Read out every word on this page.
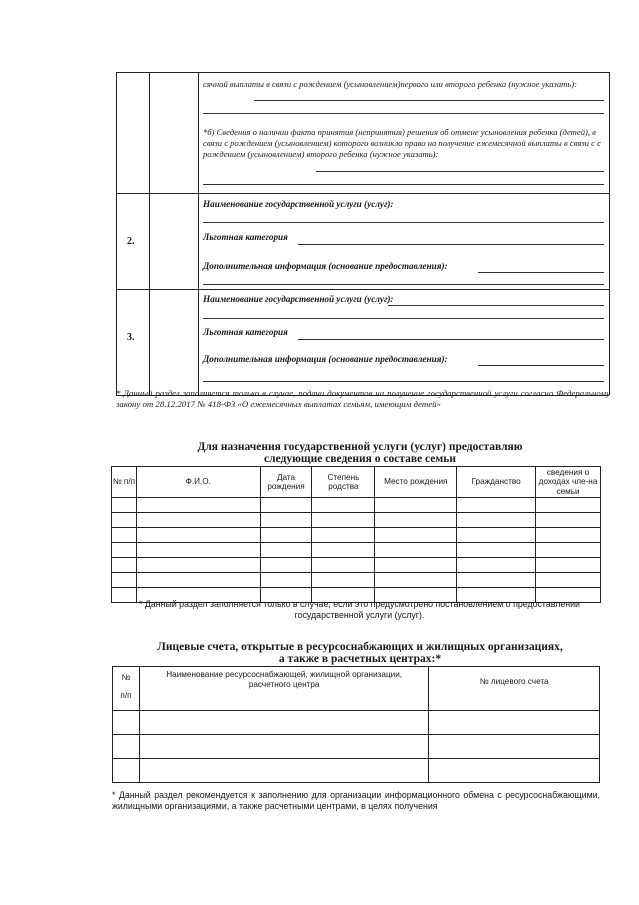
сячной выплаты в связи с рождением (усыновлением)первого или второго ребенка (нужное указать):
*б) Сведения о наличии факта принятия (непринятия) решения об отмене усыновления ребенка (детей), в связи с рождением (усыновлением) которого возникло право на получение ежемесячной выплаты в связи с с рождением (усыновлением) второго ребенка (нужное указать):
2.
Наименование государственной услуги (услуг):
Льготная категория
Дополнительная информация (основание предоставления):
3.
Наименование государственной услуги (услуг):
Льготная категория
Дополнительная информация (основание предоставления):
* Данный раздел заполняется только в случае, подачи документов на получение государственной услуги согласно Федеральному закону от 28.12.2017 № 418-ФЗ «О ежемесячных выплатах семьям, имеющим детей»
Для назначения государственной услуги (услуг) предоставляю
следующие сведения о составе семьи
№ п/п	Ф.И.О.	Дата рождения	Степень родства	Место рождения	Гражданство	сведения о доходах чле-на семьи

* Данный раздел заполняется только в случае, если это предусмотрено постановлением о предоставлении государственной услуги (услуг).
Лицевые счета, открытые в ресурсоснабжающих и жилищных организациях,
а также в расчетных центрах:*
№
п/п	Наименование ресурсоснабжающей, жилищной организации, расчетного центра	№ лицевого счета

* Данный раздел рекомендуется к заполнению для организации информационного обмена с ресурсоснабжающими, жилищными организациями, а также расчетными центрами, в целях получения
